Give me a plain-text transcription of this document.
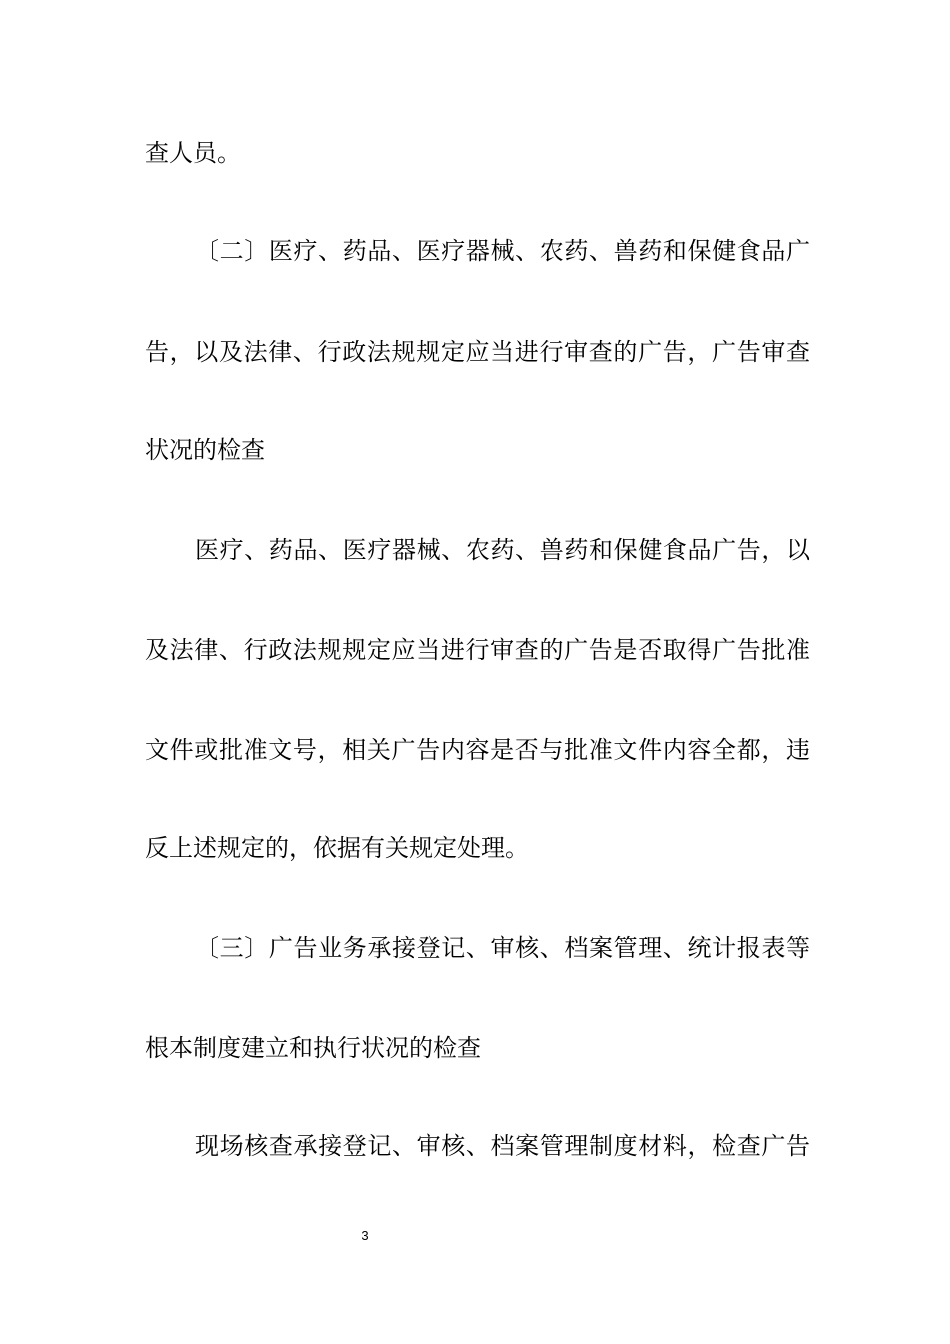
查人员。
〔二〕医疗、药品、医疗器械、农药、兽药和保健食品广
告，以及法律、行政法规规定应当进行审查的广告，广告审查
状况的检查
医疗、药品、医疗器械、农药、兽药和保健食品广告，以
及法律、行政法规规定应当进行审查的广告是否取得广告批准
文件或批准文号，相关广告内容是否与批准文件内容全都，违
反上述规定的，依据有关规定处理。
〔三〕广告业务承接登记、审核、档案管理、统计报表等
根本制度建立和执行状况的检查
现场核查承接登记、审核、档案管理制度材料，检查广告
3
